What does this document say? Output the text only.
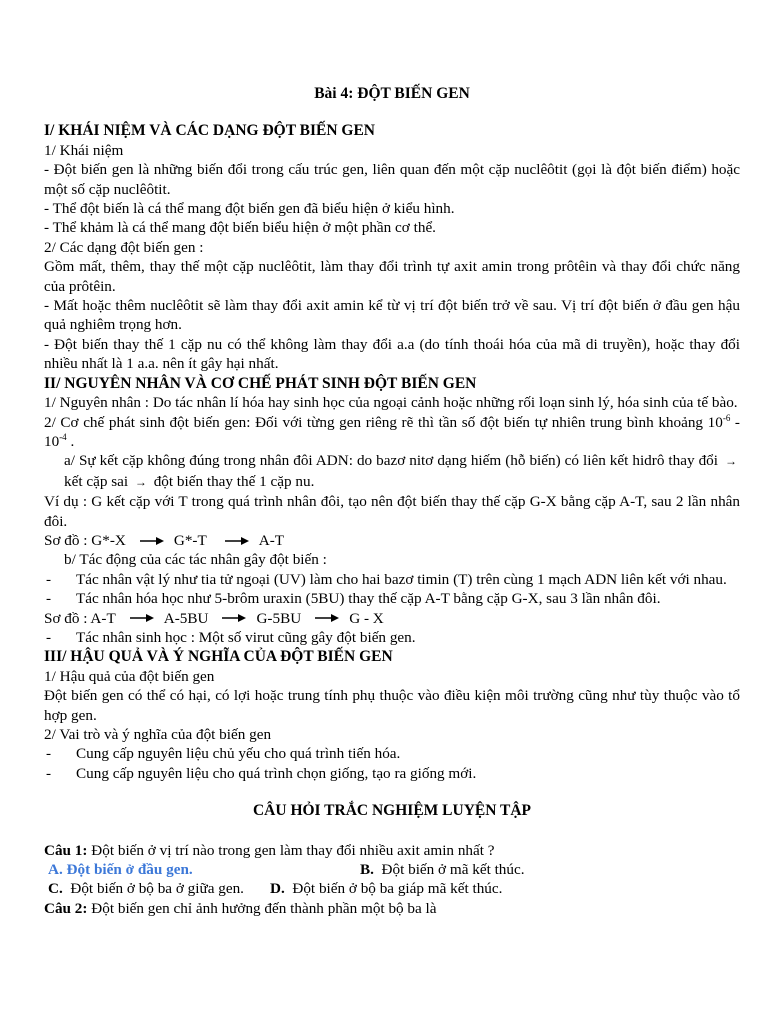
Bài 4: ĐỘT BIẾN GEN
I/ KHÁI NIỆM VÀ CÁC DẠNG ĐỘT BIẾN GEN

1/ Khái niệm

- Đột biến gen là những biến đổi trong cấu trúc gen, liên quan đến một cặp nuclêôtit (gọi là đột biến điểm) hoặc một số cặp nuclêôtit.

- Thể đột biến là cá thể mang đột biến gen đã biểu hiện ở kiểu hình.

- Thể khảm là cá thể mang đột biến biểu hiện ở một phần cơ thể.

2/ Các dạng đột biến gen :

Gồm mất, thêm, thay thế một cặp nuclêôtit, làm thay đổi trình tự axit amin trong prôtêin và thay đổi chức năng của prôtêin.

- Mất hoặc thêm nuclêôtit sẽ làm thay đổi axit amin kể từ vị trí đột biến trở về sau. Vị trí đột biến ở đầu gen hậu quả nghiêm trọng hơn.

- Đột biến thay thế 1 cặp nu có thể không làm thay đổi a.a (do tính thoái hóa của mã di truyền), hoặc thay đổi nhiều nhất là 1 a.a. nên ít gây hại nhất.

II/ NGUYÊN NHÂN VÀ CƠ CHẾ PHÁT SINH ĐỘT BIẾN GEN

1/ Nguyên nhân : Do tác nhân lí hóa hay sinh học của ngoại cảnh hoặc những rối loạn sinh lý, hóa sinh của tế bào.

2/ Cơ chế phát sinh đột biến gen: Đối với từng gen riêng rẽ thì tần số đột biến tự nhiên trung bình khoảng $10^{-6} - 10^{-4}$ .

a/ Sự kết cặp không đúng trong nhân đôi ADN: do bazơ nitơ dạng hiếm (hỗ biến) có liên kết hidrô thay đổi → kết cặp sai → đột biến thay thế 1 cặp nu.

Ví dụ : G kết cặp với T trong quá trình nhân đôi, tạo nên đột biến thay thế cặp G-X bằng cặp A-T, sau 2 lần nhân đôi.

Sơ đồ : G*-X	G*-T	A-T

b/ Tác động của các tác nhân gây đột biến :

- Tác nhân vật lý như tia tử ngoại (UV) làm cho hai bazơ timin (T) trên cùng 1 mạch ADN liên kết với nhau.
- Tác nhân hóa học như 5-brôm uraxin (5BU) thay thế cặp A-T bằng cặp G-X, sau 3 lần nhân đôi.
Sơ đồ : A-T	A-5BU	G-5BU	G - X
- Tác nhân sinh học : Một số virut cũng gây đột biến gen.
III/ HẬU QUẢ VÀ Ý NGHĨA CỦA ĐỘT BIẾN GEN

1/ Hậu quả của đột biến gen

Đột biến gen có thể có hại, có lợi hoặc trung tính phụ thuộc vào điều kiện môi trường cũng như tùy thuộc vào tổ hợp gen.

2/ Vai trò và ý nghĩa của đột biến gen

- Cung cấp nguyên liệu chủ yếu cho quá trình tiến hóa.
- Cung cấp nguyên liệu cho quá trình chọn giống, tạo ra giống mới.
CÂU HỎI TRẮC NGHIỆM LUYỆN TẬP

Câu 1: Đột biến ở vị trí nào trong gen làm thay đổi nhiều axit amin nhất ?

A. Đột biến ở đầu gen.	B. Đột biến ở mã kết thúc.
C. Đột biến ở bộ ba ở giữa gen.	D. Đột biến ở bộ ba giáp mã kết thúc.

Câu 2: Đột biến gen chỉ ảnh hưởng đến thành phần một bộ ba là
